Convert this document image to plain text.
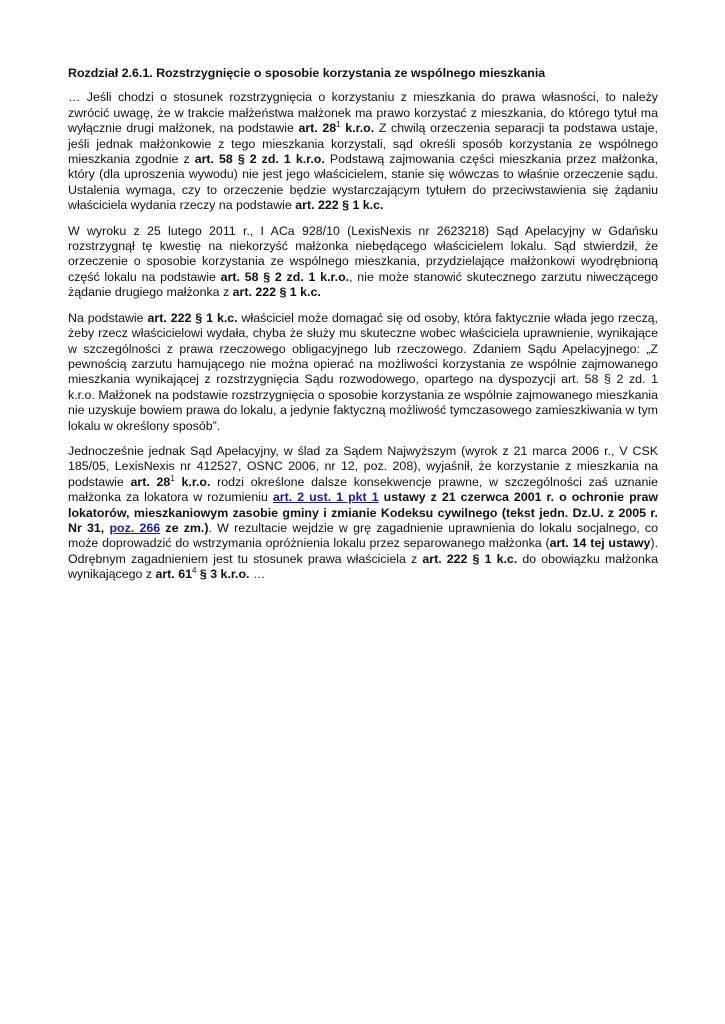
Rozdział 2.6.1. Rozstrzygnięcie o sposobie korzystania ze wspólnego mieszkania

… Jeśli chodzi o stosunek rozstrzygnięcia o korzystaniu z mieszkania do prawa własności, to należy zwrócić uwagę, że w trakcie małżeństwa małżonek ma prawo korzystać z mieszkania, do którego tytuł ma wyłącznie drugi małżonek, na podstawie art. $28^1$ k.r.o. Z chwilą orzeczenia separacji ta podstawa ustaje, jeśli jednak małżonkowie z tego mieszkania korzystali, sąd określi sposób korzystania ze wspólnego mieszkania zgodnie z art. 58 § 2 zd. 1 k.r.o. Podstawą zajmowania części mieszkania przez małżonka, który (dla uproszenia wywodu) nie jest jego właścicielem, stanie się wówczas to właśnie orzeczenie sądu. Ustalenia wymaga, czy to orzeczenie będzie wystarczającym tytułem do przeciwstawienia się żądaniu właściciela wydania rzeczy na podstawie art. 222 § 1 k.c.

W wyroku z 25 lutego 2011 r., I ACa 928/10 (LexisNexis nr 2623218) Sąd Apelacyjny w Gdańsku rozstrzygnął tę kwestię na niekorzyść małżonka niebędącego właścicielem lokalu. Sąd stwierdził, że orzeczenie o sposobie korzystania ze wspólnego mieszkania, przydzielające małżonkowi wyodrębnioną część lokalu na podstawie art. 58 § 2 zd. 1 k.r.o., nie może stanowić skutecznego zarzutu niweczącego żądanie drugiego małżonka z art. 222 § 1 k.c.

Na podstawie art. 222 § 1 k.c. właściciel może domagać się od osoby, która faktycznie włada jego rzeczą, żeby rzecz właścicielowi wydała, chyba że służy mu skuteczne wobec właściciela uprawnienie, wynikające w szczególności z prawa rzeczowego obligacyjnego lub rzeczowego. Zdaniem Sądu Apelacyjnego: „Z pewnością zarzutu hamującego nie można opierać na możliwości korzystania ze wspólnie zajmowanego mieszkania wynikającej z rozstrzygnięcia Sądu rozwodowego, opartego na dyspozycji art. 58 § 2 zd. 1 k.r.o. Małżonek na podstawie rozstrzygnięcia o sposobie korzystania ze wspólnie zajmowanego mieszkania nie uzyskuje bowiem prawa do lokalu, a jedynie faktyczną możliwość tymczasowego zamieszkiwania w tym lokalu w określony sposób”.

Jednocześnie jednak Sąd Apelacyjny, w ślad za Sądem Najwyższym (wyrok z 21 marca 2006 r., V CSK 185/05, LexisNexis nr 412527, OSNC 2006, nr 12, poz. 208), wyjaśnił, że korzystanie z mieszkania na podstawie art. $28^1$ k.r.o. rodzi określone dalsze konsekwencje prawne, w szczególności zaś uznanie małżonka za lokatora w rozumieniu art. 2 ust. 1 pkt 1 ustawy z 21 czerwca 2001 r. o ochronie praw lokatorów, mieszkaniowym zasobie gminy i zmianie Kodeksu cywilnego (tekst jedn. Dz.U. z 2005 r. Nr 31, poz. 266 ze zm.). W rezultacie wejdzie w grę zagadnienie uprawnienia do lokalu socjalnego, co może doprowadzić do wstrzymania opróżnienia lokalu przez separowanego małżonka (art. 14 tej ustawy). Odrębnym zagadnieniem jest tu stosunek prawa właściciela z art. 222 § 1 k.c. do obowiązku małżonka wynikającego z art. $61^4$ § 3 k.r.o. …
